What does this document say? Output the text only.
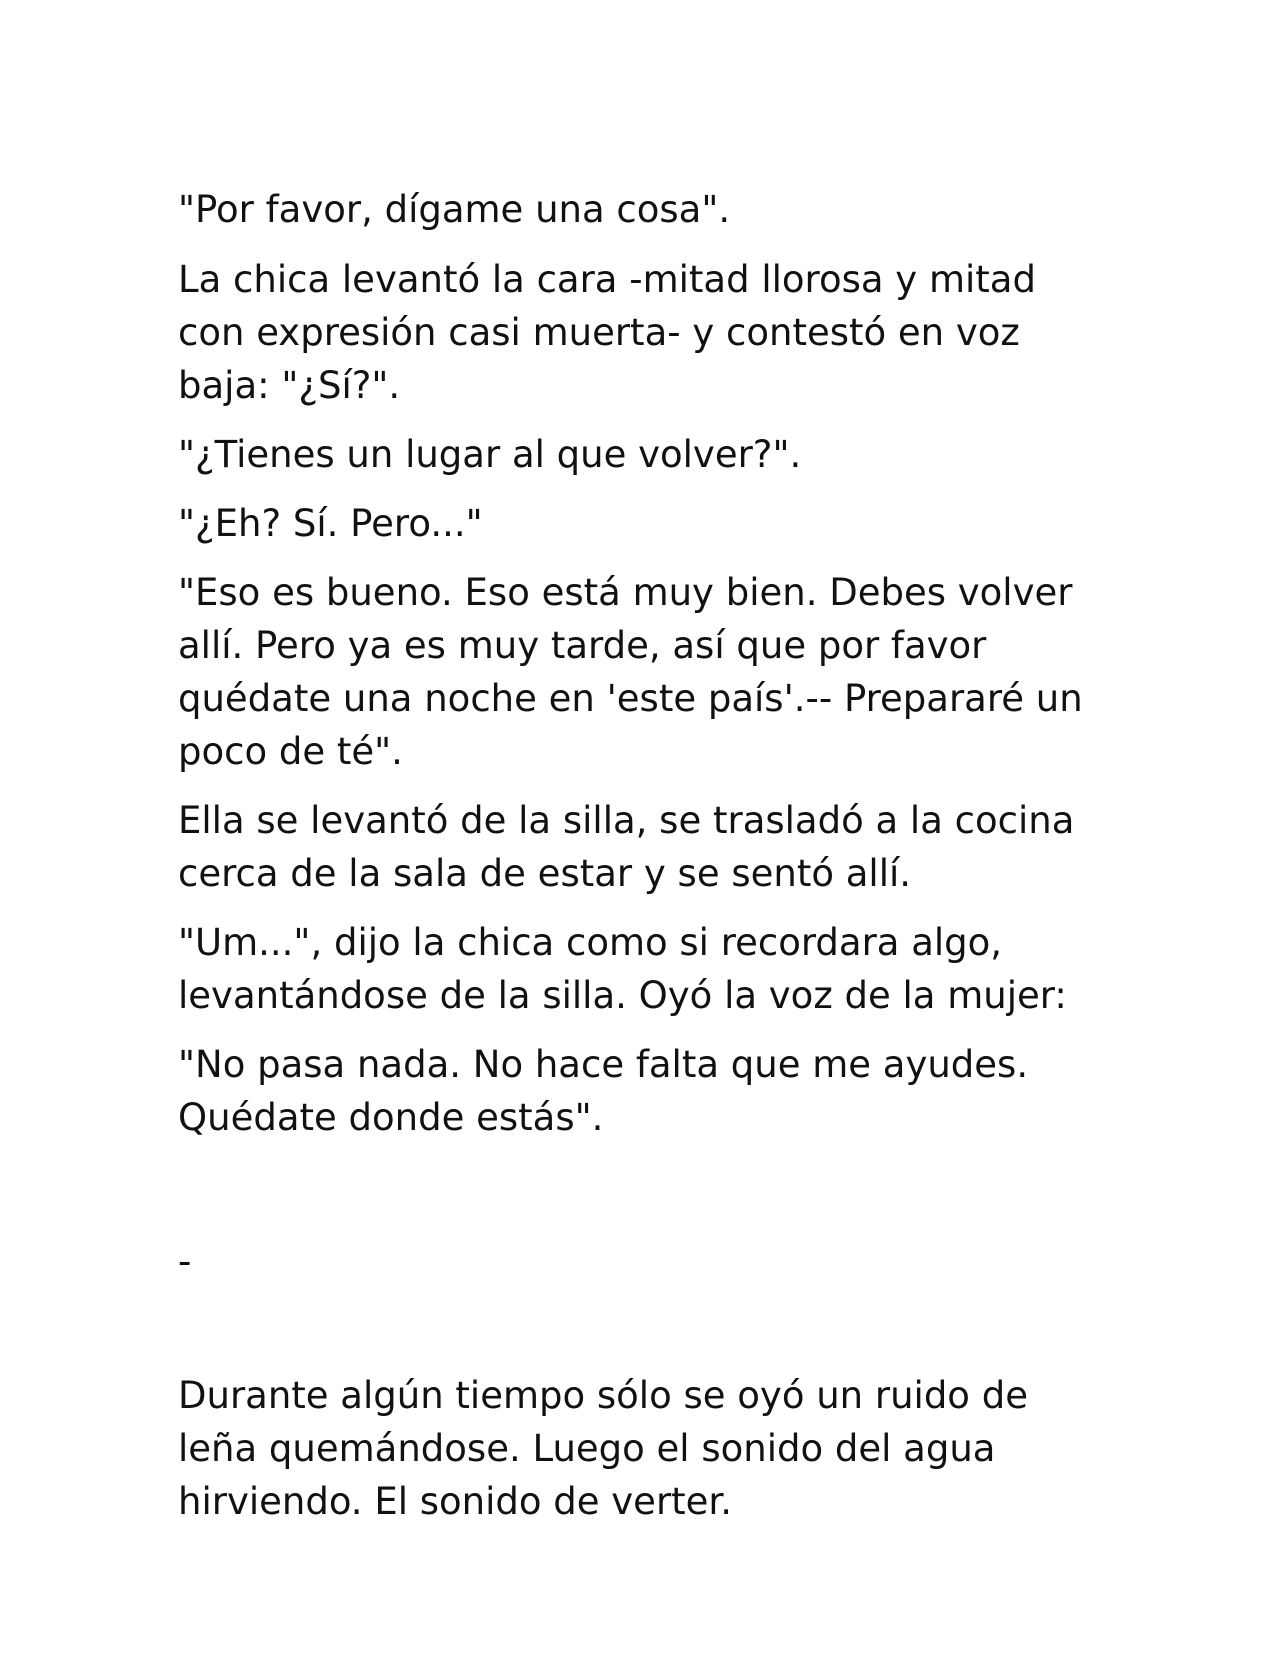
"Por favor, dígame una cosa".

La chica levantó la cara -mitad llorosa y mitad con expresión casi muerta- y contestó en voz baja: "¿Sí?".

"¿Tienes un lugar al que volver?".

"¿Eh? Sí. Pero..."

"Eso es bueno. Eso está muy bien. Debes volver allí. Pero ya es muy tarde, así que por favor quédate una noche en 'este país'.-- Prepararé un poco de té".

Ella se levantó de la silla, se trasladó a la cocina cerca de la sala de estar y se sentó allí.

"Um...", dijo la chica como si recordara algo, levantándose de la silla. Oyó la voz de la mujer:

"No pasa nada. No hace falta que me ayudes. Quédate donde estás".

-

Durante algún tiempo sólo se oyó un ruido de leña quemándose. Luego el sonido del agua hirviendo. El sonido de verter.
